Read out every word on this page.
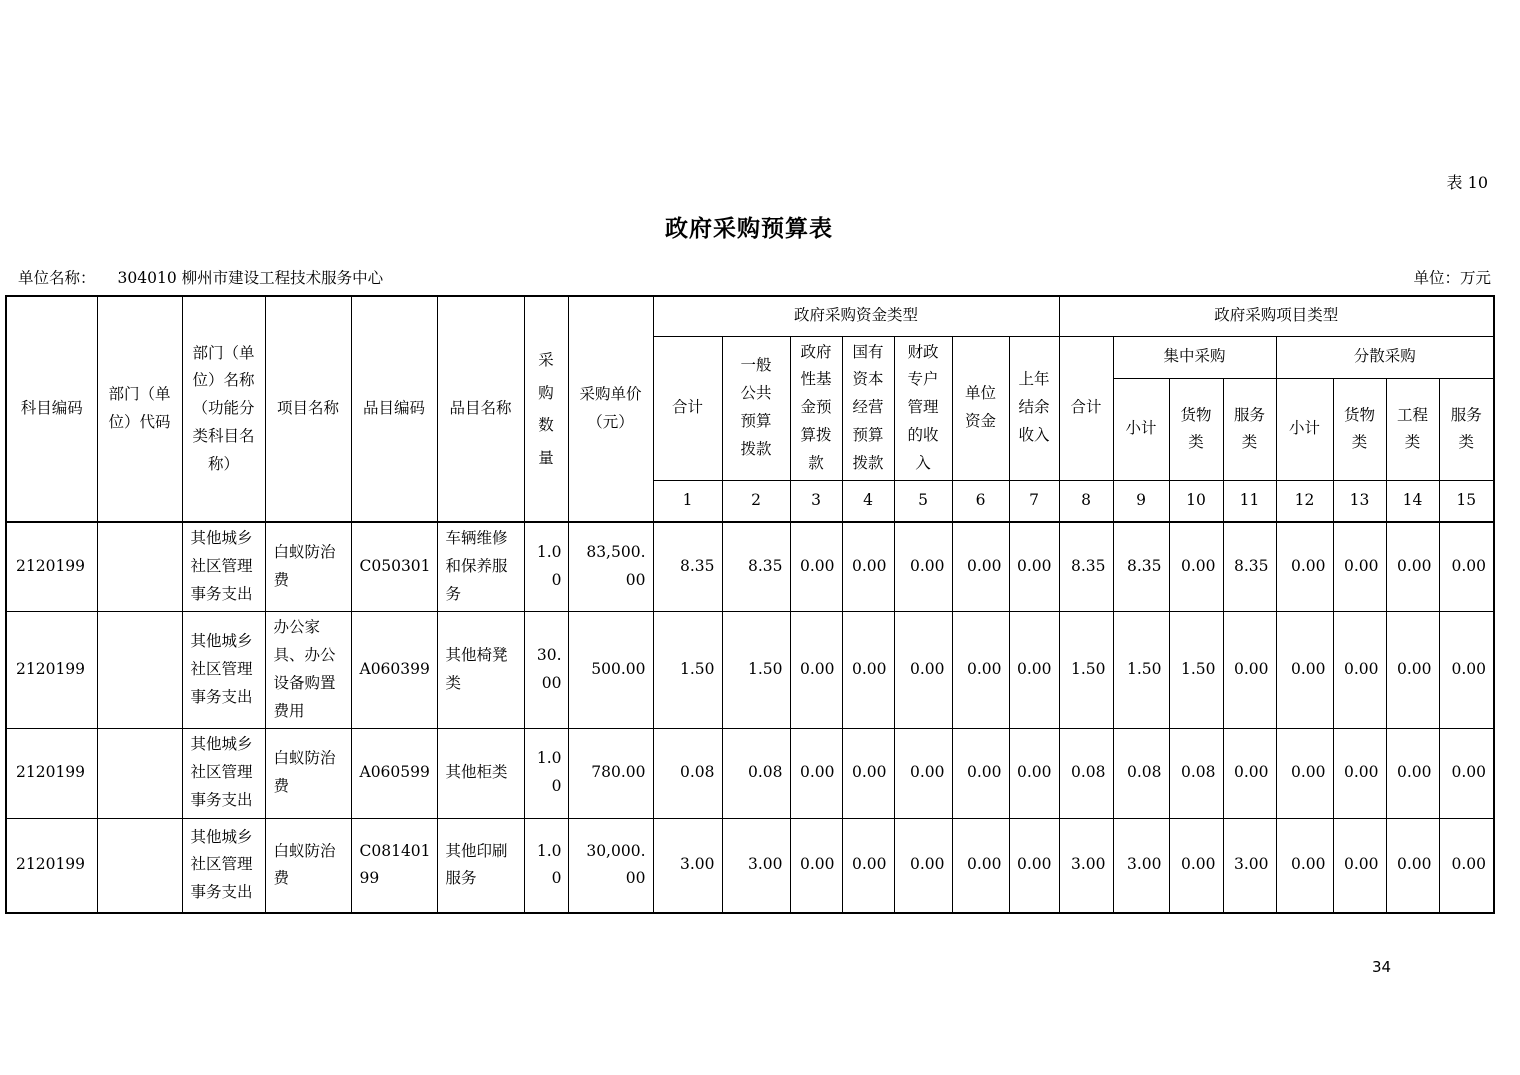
表 10
政府采购预算表
单位名称： 304010 柳州市建设工程技术服务中心	单位：万元
科目编码	部门（单位）代码	部门（单位）名称（功能分类科目名称）	项目名称	品目编码	品目名称	采购数量	采购单价（元）	政府采购资金类型							政府采购项目类型							
								合计	一般公共预算拨款	政府性基金预算拨款	国有资本经营预算拨款	财政专户管理的收入	单位资金	上年结余收入	合计	集中采购			分散采购			
																小计	货物类	服务类	小计	货物类	工程类	服务类
								1	2	3	4	5	6	7	8	9	10	11	12	13	14	15
2120199		其他城乡社区管理事务支出	白蚁防治费	C050301	车辆维修和保养服务	1.00	83,500.00	8.35	8.35	0.00	0.00	0.00	0.00	0.00	8.35	8.35	0.00	8.35	0.00	0.00	0.00	0.00
2120199		其他城乡社区管理事务支出	办公家具、办公设备购置费用	A060399	其他椅凳类	30.00	500.00	1.50	1.50	0.00	0.00	0.00	0.00	0.00	1.50	1.50	1.50	0.00	0.00	0.00	0.00	0.00
2120199		其他城乡社区管理事务支出	白蚁防治费	A060599	其他柜类	1.00	780.00	0.08	0.08	0.00	0.00	0.00	0.00	0.00	0.08	0.08	0.08	0.00	0.00	0.00	0.00	0.00
2120199		其他城乡社区管理事务支出	白蚁防治费	C08140199	其他印刷服务	1.00	30,000.00	3.00	3.00	0.00	0.00	0.00	0.00	0.00	3.00	3.00	0.00	3.00	0.00	0.00	0.00	0.00
34
